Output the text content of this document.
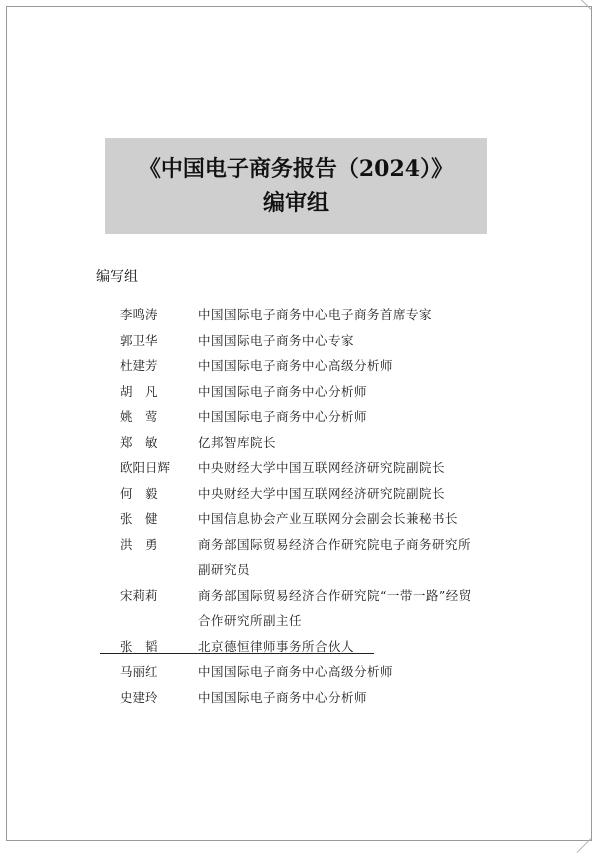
《中国电子商务报告（2024）》
编审组
编写组
李鸣涛	中国国际电子商务中心电子商务首席专家
郭卫华	中国国际电子商务中心专家
杜建芳	中国国际电子商务中心高级分析师
胡　凡	中国国际电子商务中心分析师
姚　莺	中国国际电子商务中心分析师
郑　敏	亿邦智库院长
欧阳日辉	中央财经大学中国互联网经济研究院副院长
何　毅	中央财经大学中国互联网经济研究院副院长
张　健	中国信息协会产业互联网分会副会长兼秘书长
洪　勇	商务部国际贸易经济合作研究院电子商务研究所
副研究员
宋莉莉	商务部国际贸易经济合作研究院“一带一路”经贸
合作研究所副主任
张　韬	北京德恒律师事务所合伙人
马丽红	中国国际电子商务中心高级分析师
史建玲	中国国际电子商务中心分析师
